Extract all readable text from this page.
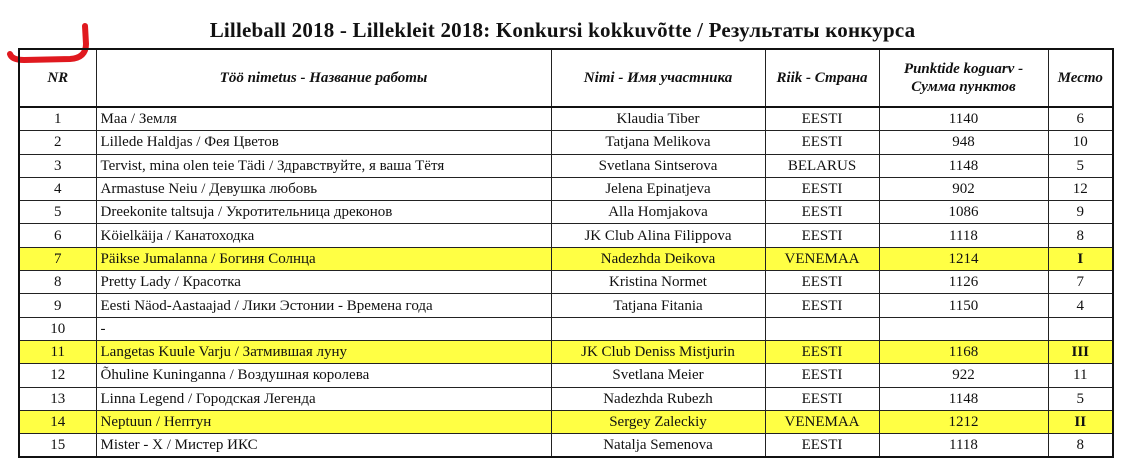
Lilleball 2018 - Lillekleit 2018: Konkursi kokkuvõtte / Результаты конкурса
NR	Töö nimetus - Название работы	Nimi - Имя участника	Riik - Страна	Punktide koguarv -
Сумма пунктов	Место
1	Маа / Земля	Klaudia Tiber	EESTI	1140	6
2	Lillede Haldjas / Фея Цветов	Tatjana Melikova	EESTI	948	10
3	Tervist, mina olen teie Tädi / Здравствуйте, я ваша Тётя	Svetlana Sintserova	BELARUS	1148	5
4	Armastuse Neiu / Девушка любовь	Jelena Epinatjeva	EESTI	902	12
5	Dreekonite taltsuja / Укротительница дреконов	Alla Homjakova	EESTI	1086	9
6	Köielkäija / Канатоходка	JK Club Alina Filippova	EESTI	1118	8
7	Päikse Jumalanna / Богиня Солнца	Nadezhda Deikova	VENEMAA	1214	I
8	Pretty Lady / Красотка	Kristina Normet	EESTI	1126	7
9	Eesti Näod-Aastaajad / Лики Эстонии - Времена года	Tatjana Fitania	EESTI	1150	4
10	-				
11	Langetas Kuule Varju / Затмившая луну	JK Club Deniss Mistjurin	EESTI	1168	III
12	Õhuline Kuninganna / Воздушная королева	Svetlana Meier	EESTI	922	11
13	Linna Legend / Городская Легенда	Nadezhda Rubezh	EESTI	1148	5
14	Neptuun / Нептун	Sergey Zaleckiy	VENEMAA	1212	II
15	Mister - X / Мистер ИКС	Natalja Semenova	EESTI	1118	8
